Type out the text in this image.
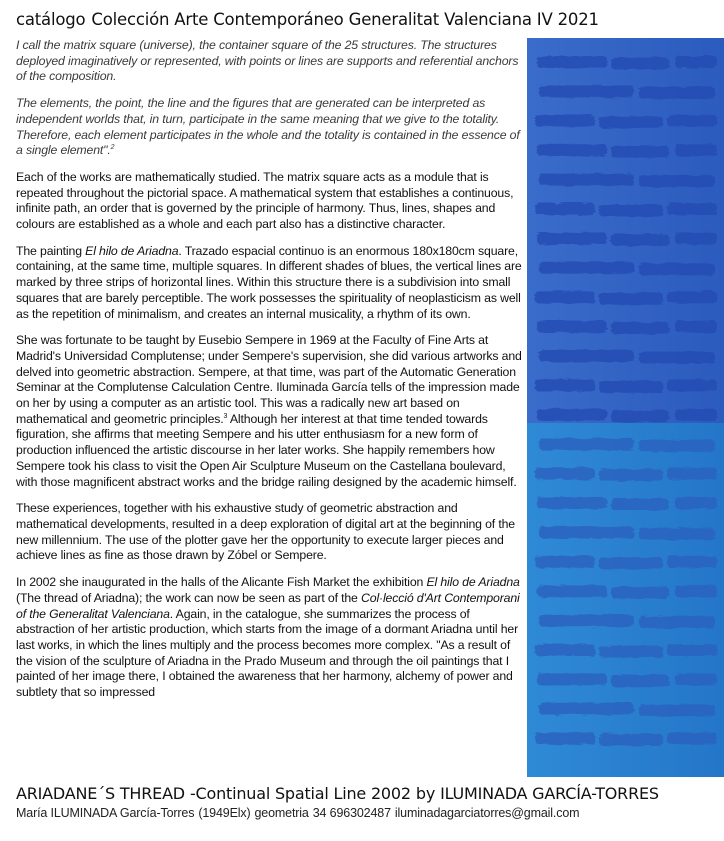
catálogo Colección Arte Contemporáneo Generalitat Valenciana IV 2021

I call the matrix square (universe), the container square of the 25 structures. The structures deployed imaginatively or represented, with points or lines are supports and referential anchors of the composition.

The elements, the point, the line and the figures that are generated can be interpreted as independent worlds that, in turn, participate in the same meaning that we give to the totality. Therefore, each element participates in the whole and the totality is contained in the essence of a single element".$^2$

Each of the works are mathematically studied. The matrix square acts as a module that is repeated throughout the pictorial space. A mathematical system that establishes a continuous, infinite path, an order that is governed by the principle of harmony. Thus, lines, shapes and colours are established as a whole and each part also has a distinctive character.

The painting El hilo de Ariadna. Trazado espacial continuo is an enormous 180x180cm square, containing, at the same time, multiple squares. In different shades of blues, the vertical lines are marked by three strips of horizontal lines. Within this structure there is a subdivision into small squares that are barely perceptible. The work possesses the spirituality of neoplasticism as well as the repetition of minimalism, and creates an internal musicality, a rhythm of its own.

She was fortunate to be taught by Eusebio Sempere in 1969 at the Faculty of Fine Arts at Madrid's Universidad Complutense; under Sempere's supervision, she did various artworks and delved into geometric abstraction. Sempere, at that time, was part of the Automatic Generation Seminar at the Complutense Calculation Centre. Iluminada García tells of the impression made on her by using a computer as an artistic tool. This was a radically new art based on mathematical and geometric principles.$^3$ Although her interest at that time tended towards figuration, she affirms that meeting Sempere and his utter enthusiasm for a new form of production influenced the artistic discourse in her later works. She happily remembers how Sempere took his class to visit the Open Air Sculpture Museum on the Castellana boulevard, with those magnificent abstract works and the bridge railing designed by the academic himself.

These experiences, together with his exhaustive study of geometric abstraction and mathematical developments, resulted in a deep exploration of digital art at the beginning of the new millennium. The use of the plotter gave her the opportunity to execute larger pieces and achieve lines as fine as those drawn by Zóbel or Sempere.

In 2002 she inaugurated in the halls of the Alicante Fish Market the exhibition El hilo de Ariadna (The thread of Ariadna); the work can now be seen as part of the Col·lecció d'Art Contemporani of the Generalitat Valenciana. Again, in the catalogue, she summarizes the process of abstraction of her artistic production, which starts from the image of a dormant Ariadna until her last works, in which the lines multiply and the process becomes more complex. "As a result of the vision of the sculpture of Ariadna in the Prado Museum and through the oil paintings that I painted of her image there, I obtained the awareness that her harmony, alchemy of power and subtlety that so impressed

ARIADANE´S THREAD -Continual Spatial Line 2002 by ILUMINADA GARCÍA-TORRES
María ILUMINADA García-Torres (1949Elx) geometria 34 696302487 iluminadagarciatorres@gmail.com
